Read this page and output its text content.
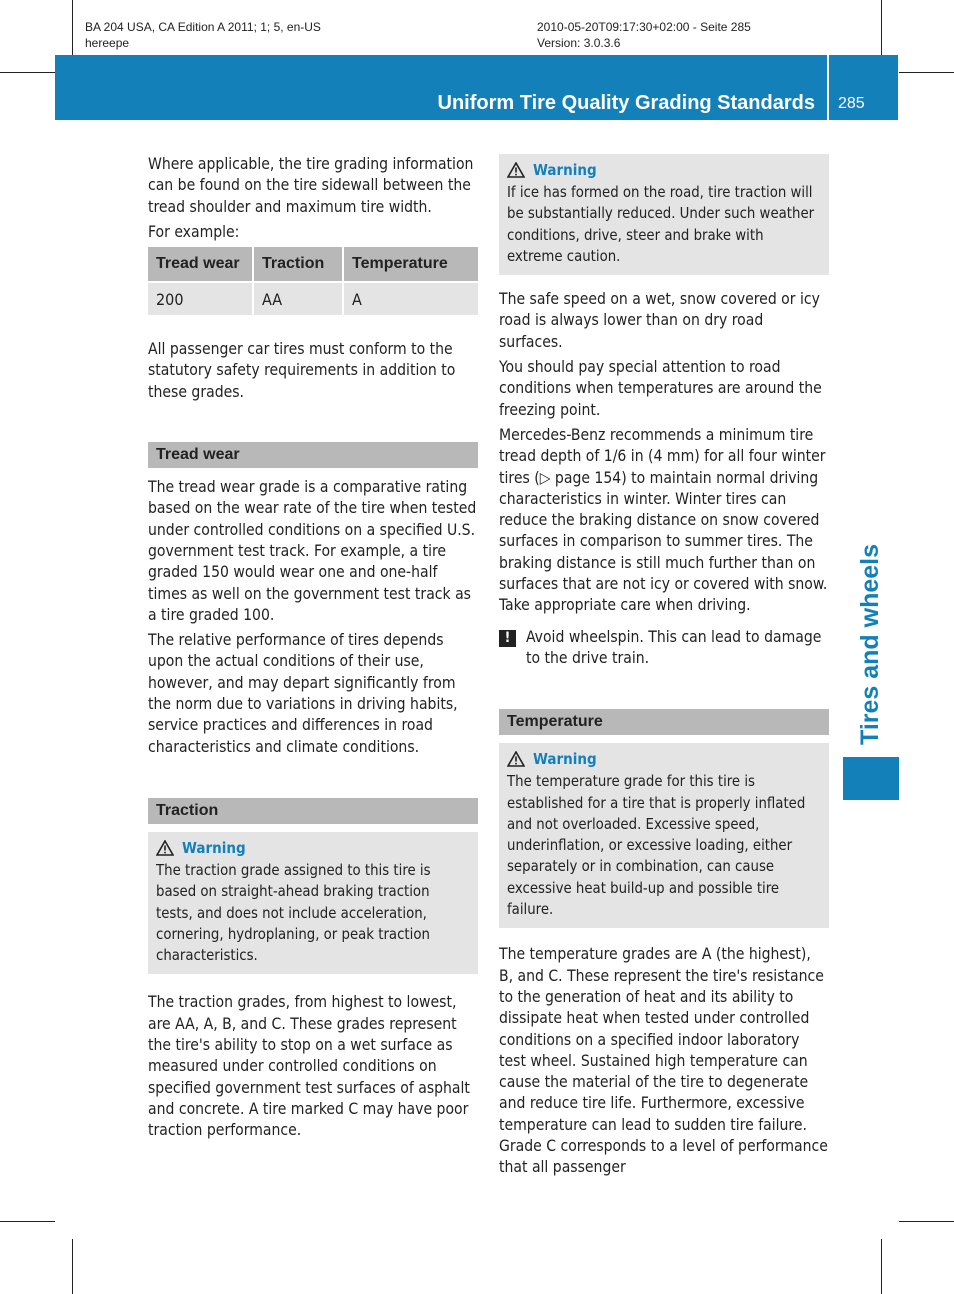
BA 204 USA, CA Edition A 2011; 1; 5, en-US
hereepe
2010-05-20T09:17:30+02:00 - Seite 285
Version: 3.0.3.6
Uniform Tire Quality Grading Standards 285
Tires and wheels

Where applicable, the tire grading information can be found on the tire sidewall between the tread shoulder and maximum tire width.

For example:

Tread wear	Traction	Temperature
200	AA	A

All passenger car tires must conform to the statutory safety requirements in addition to these grades.

Tread wear

The tread wear grade is a comparative rating based on the wear rate of the tire when tested under controlled conditions on a specified U.S. government test track. For example, a tire graded 150 would wear one and one-half times as well on the government test track as a tire graded 100.

The relative performance of tires depends upon the actual conditions of their use, however, and may depart significantly from the norm due to variations in driving habits, service practices and differences in road characteristics and climate conditions.

Traction
Warning

The traction grade assigned to this tire is based on straight-ahead braking traction tests, and does not include acceleration, cornering, hydroplaning, or peak traction characteristics.

The traction grades, from highest to lowest, are AA, A, B, and C. These grades represent the tire's ability to stop on a wet surface as measured under controlled conditions on specified government test surfaces of asphalt and concrete. A tire marked C may have poor traction performance.

Warning

If ice has formed on the road, tire traction will be substantially reduced. Under such weather conditions, drive, steer and brake with extreme caution.

The safe speed on a wet, snow covered or icy road is always lower than on dry road surfaces.

You should pay special attention to road conditions when temperatures are around the freezing point.

Mercedes-Benz recommends a minimum tire tread depth of 1/6 in (4 mm) for all four winter tires (▷ page 154) to maintain normal driving characteristics in winter. Winter tires can reduce the braking distance on snow covered surfaces in comparison to summer tires. The braking distance is still much further than on surfaces that are not icy or covered with snow. Take appropriate care when driving.

!	Avoid wheelspin. This can lead to damage to the drive train.

Temperature
Warning

The temperature grade for this tire is established for a tire that is properly inflated and not overloaded. Excessive speed, underinflation, or excessive loading, either separately or in combination, can cause excessive heat build-up and possible tire failure.

The temperature grades are A (the highest), B, and C. These represent the tire's resistance to the generation of heat and its ability to dissipate heat when tested under controlled conditions on a specified indoor laboratory test wheel. Sustained high temperature can cause the material of the tire to degenerate and reduce tire life. Furthermore, excessive temperature can lead to sudden tire failure. Grade C corresponds to a level of performance that all passenger
